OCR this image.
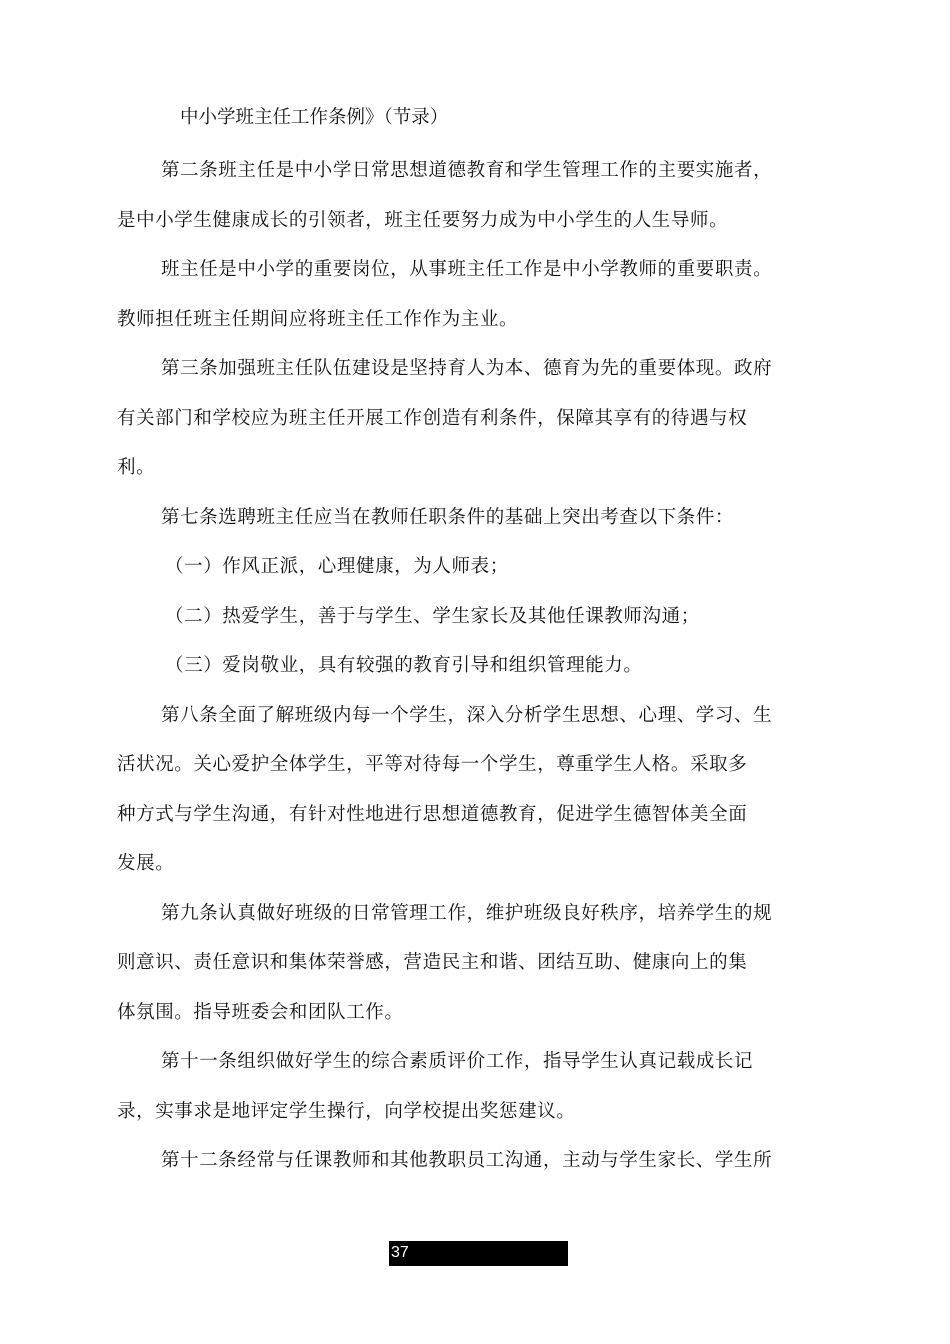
中小学班主任工作条例》（节录）

第二条班主任是中小学日常思想道德教育和学生管理工作的主要实施者，
是中小学生健康成长的引领者，班主任要努力成为中小学生的人生导师。

班主任是中小学的重要岗位，从事班主任工作是中小学教师的重要职责。
教师担任班主任期间应将班主任工作作为主业。

第三条加强班主任队伍建设是坚持育人为本、德育为先的重要体现。政府
有关部门和学校应为班主任开展工作创造有利条件，保障其享有的待遇与权
利。

第七条选聘班主任应当在教师任职条件的基础上突出考查以下条件：

（一）作风正派，心理健康，为人师表；

（二）热爱学生，善于与学生、学生家长及其他任课教师沟通；

（三）爱岗敬业，具有较强的教育引导和组织管理能力。

第八条全面了解班级内每一个学生，深入分析学生思想、心理、学习、生
活状况。关心爱护全体学生，平等对待每一个学生，尊重学生人格。采取多
种方式与学生沟通，有针对性地进行思想道德教育，促进学生德智体美全面
发展。

第九条认真做好班级的日常管理工作，维护班级良好秩序，培养学生的规
则意识、责任意识和集体荣誉感，营造民主和谐、团结互助、健康向上的集
体氛围。指导班委会和团队工作。

第十一条组织做好学生的综合素质评价工作，指导学生认真记载成长记
录，实事求是地评定学生操行，向学校提出奖惩建议。

第十二条经常与任课教师和其他教职员工沟通，主动与学生家长、学生所

37
